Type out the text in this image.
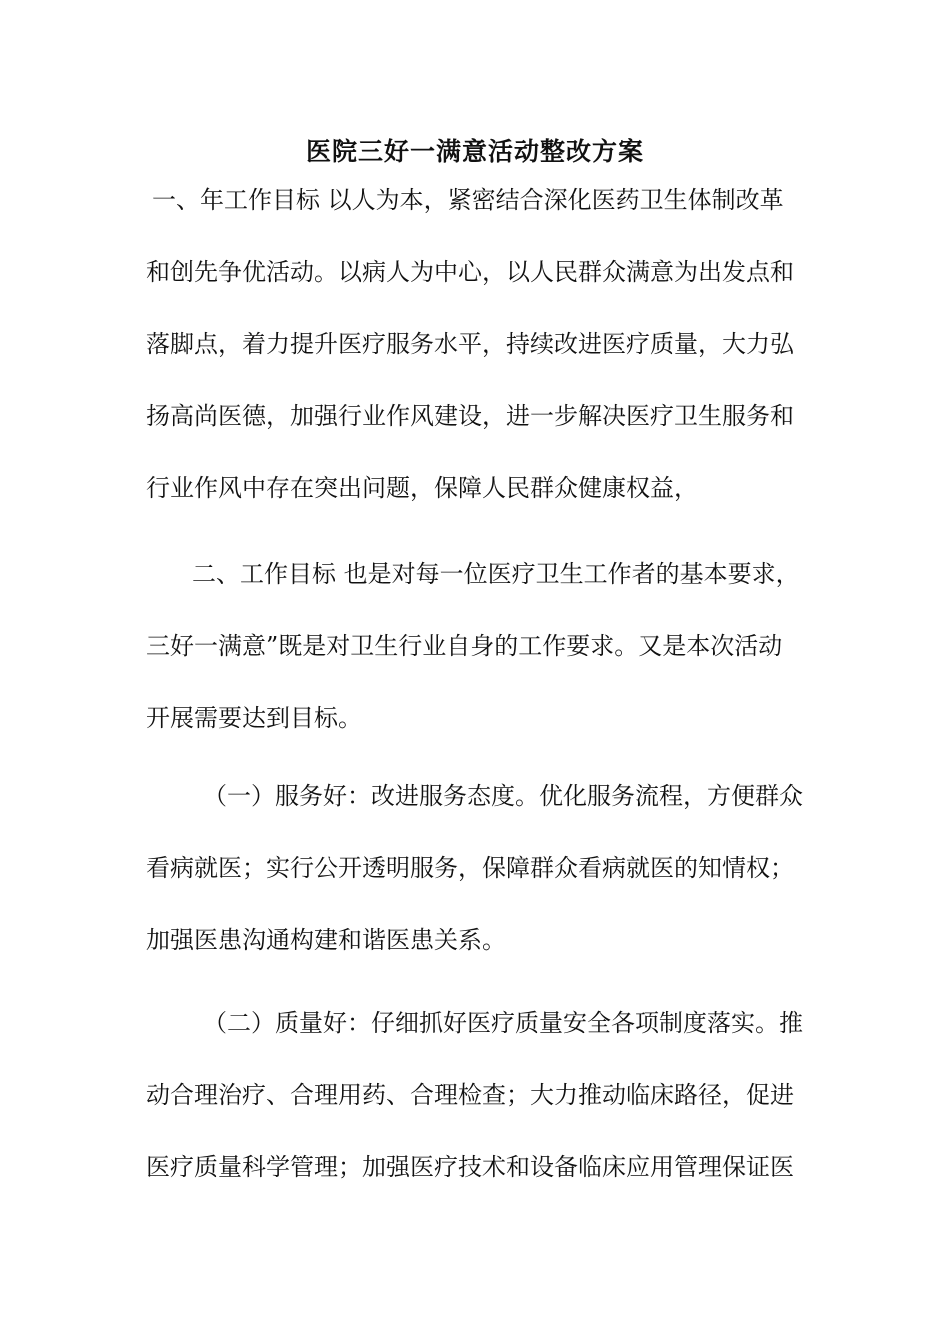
医院三好一满意活动整改方案
一、年工作目标 以人为本，紧密结合深化医药卫生体制改革
和创先争优活动。以病人为中心，以人民群众满意为出发点和
落脚点，着力提升医疗服务水平，持续改进医疗质量，大力弘
扬高尚医德，加强行业作风建设，进一步解决医疗卫生服务和
行业作风中存在突出问题，保障人民群众健康权益，
二、工作目标 也是对每一位医疗卫生工作者的基本要求，
三好一满意”既是对卫生行业自身的工作要求。又是本次活动
开展需要达到目标。
（一）服务好：改进服务态度。优化服务流程，方便群众
看病就医；实行公开透明服务，保障群众看病就医的知情权；
加强医患沟通构建和谐医患关系。
（二）质量好：仔细抓好医疗质量安全各项制度落实。推
动合理治疗、合理用药、合理检查；大力推动临床路径，促进
医疗质量科学管理；加强医疗技术和设备临床应用管理保证医
